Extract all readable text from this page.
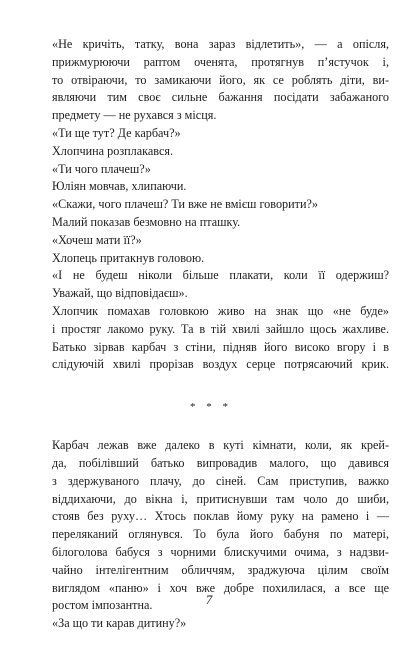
«Не кричіть, татку, вона зараз відлетить», — а опісля,
прижмурюючи раптом оченята, протягнув п’ястучок і,
то отвіраючи, то замикаючи його, як се роблять діти, ви-
являючи тим своє сильне бажання посідати забажаного
предмету — не рухався з місця.
«Ти ще тут? Де карбач?»
Хлопчина розплакався.
«Ти чого плачеш?»
Юліян мовчав, хлипаючи.
«Скажи, чого плачеш? Ти вже не вмієш говорити?»
Малий показав безмовно на пташку.
«Хочеш мати її?»
Хлопець притакнув головою.
«І не будеш ніколи більше плакати, коли її одержиш?
Уважай, що відповідаєш».
Хлопчик помахав головкою живо на знак що «не буде»
і простяг лакомо руку. Та в тій хвилі зайшло щось жахливе.
Батько зірвав карбач з стіни, підняв його високо вгору і в
слідуючій хвилі прорізав воздух серце потрясаючий крик.
* * *
Карбач лежав вже далеко в куті кімнати, коли, як крей-
да, побілівший батько випровадив малого, що давився
з здержуваного плачу, до сіней. Сам приступив, важко
віддихаючи, до вікна і, притиснувши там чоло до шиби,
стояв без руху… Хтось поклав йому руку на рамено і —
переляканий оглянувся. То була його бабуня по матері,
білоголова бабуся з чорними блискучими очима, з надзви-
чайно інтелігентним обличчям, зраджуюча цілим своїм
виглядом «паню» і хоч вже добре похилилася, а все ще
ростом імпозантна.
«За що ти карав дитину?»
7
